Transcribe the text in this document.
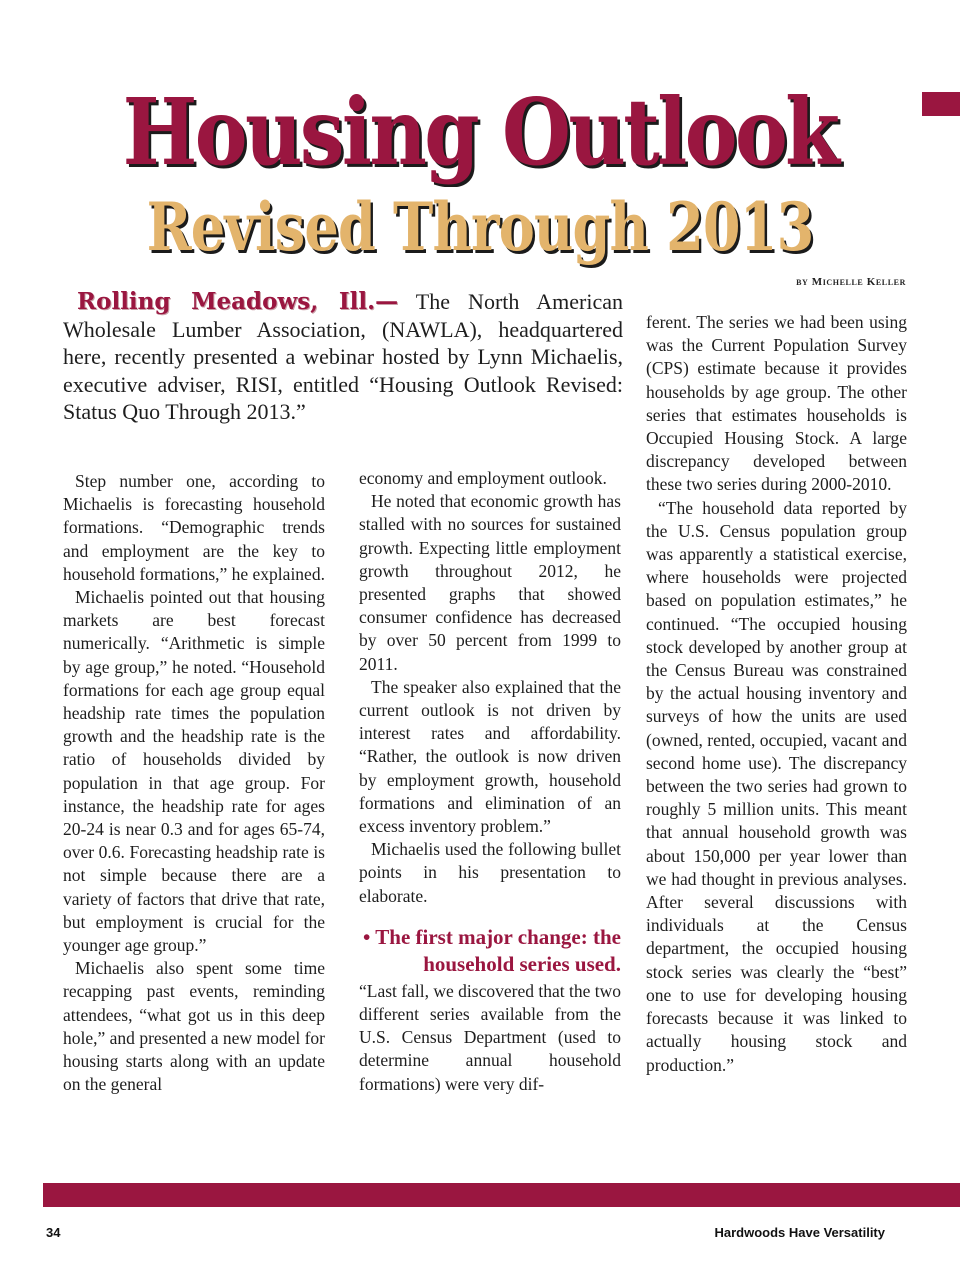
Housing Outlook
Revised Through 2013
by Michelle Keller
Rolling Meadows, Ill.— The North American Wholesale Lumber Association, (NAWLA), headquartered here, recently presented a webinar hosted by Lynn Michaelis, executive adviser, RISI, entitled “Housing Outlook Revised: Status Quo Through 2013.”

Step number one, according to Michaelis is forecasting household formations. “Demographic trends and employment are the key to household formations,” he explained.

Michaelis pointed out that housing markets are best forecast numerically. “Arithmetic is simple by age group,” he noted. “Household formations for each age group equal headship rate times the population growth and the headship rate is the ratio of households divided by population in that age group. For instance, the headship rate for ages 20-24 is near 0.3 and for ages 65-74, over 0.6. Forecasting headship rate is not simple because there are a variety of factors that drive that rate, but employment is crucial for the younger age group.”

Michaelis also spent some time recapping past events, reminding attendees, “what got us in this deep hole,” and presented a new model for housing starts along with an update on the general

economy and employment outlook.

He noted that economic growth has stalled with no sources for sustained growth. Expecting little employment growth throughout 2012, he presented graphs that showed consumer confidence has decreased by over 50 percent from 1999 to 2011.

The speaker also explained that the current outlook is not driven by interest rates and affordability. “Rather, the outlook is now driven by employment growth, household formations and elimination of an excess inventory problem.”

Michaelis used the following bullet points in his presentation to elaborate.

• The first major change: the household series used.

“Last fall, we discovered that the two different series available from the U.S. Census Department (used to determine annual household formations) were very dif-

ferent. The series we had been using was the Current Population Survey (CPS) estimate because it provides households by age group. The other series that estimates households is Occupied Housing Stock. A large discrepancy developed between these two series during 2000-2010.

“The household data reported by the U.S. Census population group was apparently a statistical exercise, where households were projected based on population estimates,” he continued. “The occupied housing stock developed by another group at the Census Bureau was constrained by the actual housing inventory and surveys of how the units are used (owned, rented, occupied, vacant and second home use). The discrepancy between the two series had grown to roughly 5 million units. This meant that annual household growth was about 150,000 per year lower than we had thought in previous analyses. After several discussions with individuals at the Census department, the occupied housing stock series was clearly the “best” one to use for developing housing forecasts because it was linked to actually housing stock and production.”

34	Hardwoods Have Versatility
